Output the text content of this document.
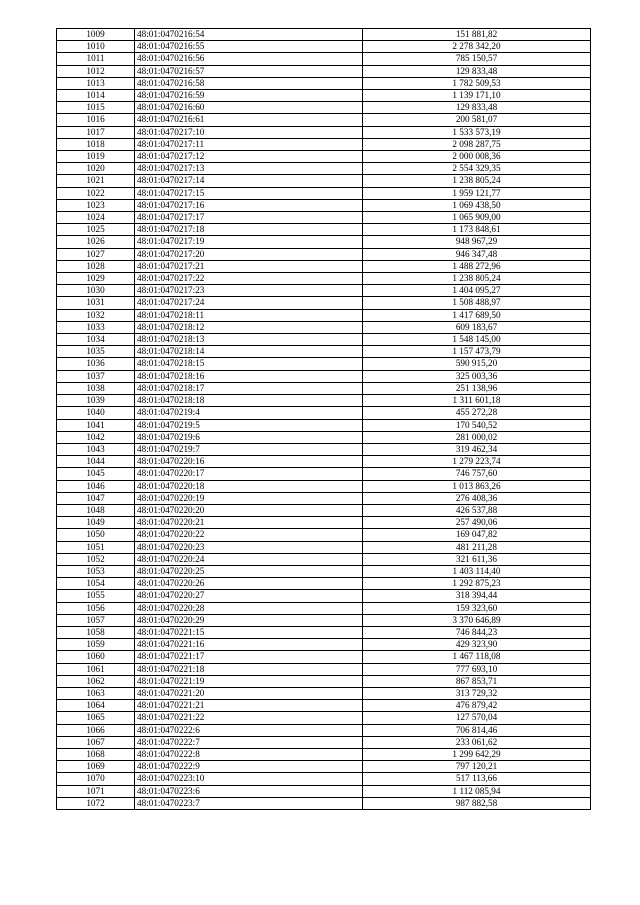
1009	48:01:0470216:54	151 881,82
1010	48:01:0470216:55	2 278 342,20
1011	48:01:0470216:56	785 150,57
1012	48:01:0470216:57	129 833,48
1013	48:01:0470216:58	1 782 509,53
1014	48:01:0470216:59	1 139 171,10
1015	48:01:0470216:60	129 833,48
1016	48:01:0470216:61	200 581,07
1017	48:01:0470217:10	1 533 573,19
1018	48:01:0470217:11	2 098 287,75
1019	48:01:0470217:12	2 000 008,36
1020	48:01:0470217:13	2 554 329,35
1021	48:01:0470217:14	1 238 805,24
1022	48:01:0470217:15	1 959 121,77
1023	48:01:0470217:16	1 069 438,50
1024	48:01:0470217:17	1 065 909,00
1025	48:01:0470217:18	1 173 848,61
1026	48:01:0470217:19	948 967,29
1027	48:01:0470217:20	946 347,48
1028	48:01:0470217:21	1 488 272,96
1029	48:01:0470217:22	1 238 805,24
1030	48:01:0470217:23	1 404 095,27
1031	48:01:0470217:24	1 508 488,97
1032	48:01:0470218:11	1 417 689,50
1033	48:01:0470218:12	609 183,67
1034	48:01:0470218:13	1 548 145,00
1035	48:01:0470218:14	1 157 473,79
1036	48:01:0470218:15	590 915,20
1037	48:01:0470218:16	325 003,36
1038	48:01:0470218:17	251 138,96
1039	48:01:0470218:18	1 311 601,18
1040	48:01:0470219:4	455 272,28
1041	48:01:0470219:5	170 540,52
1042	48:01:0470219:6	281 000,02
1043	48:01:0470219:7	319 462,34
1044	48:01:0470220:16	1 279 223,74
1045	48:01:0470220:17	746 757,60
1046	48:01:0470220:18	1 013 863,26
1047	48:01:0470220:19	276 408,36
1048	48:01:0470220:20	426 537,88
1049	48:01:0470220:21	257 490,06
1050	48:01:0470220:22	169 047,82
1051	48:01:0470220:23	481 211,28
1052	48:01:0470220:24	321 611,36
1053	48:01:0470220:25	1 403 114,40
1054	48:01:0470220:26	1 292 875,23
1055	48:01:0470220:27	318 394,44
1056	48:01:0470220:28	159 323,60
1057	48:01:0470220:29	3 370 646,89
1058	48:01:0470221:15	746 844,23
1059	48:01:0470221:16	429 323,90
1060	48:01:0470221:17	1 467 118,08
1061	48:01:0470221:18	777 693,10
1062	48:01:0470221:19	867 853,71
1063	48:01:0470221:20	313 729,32
1064	48:01:0470221:21	476 879,42
1065	48:01:0470221:22	127 570,04
1066	48:01:0470222:6	706 814,46
1067	48:01:0470222:7	233 061,62
1068	48:01:0470222:8	1 299 642,29
1069	48:01:0470222:9	797 120,21
1070	48:01:0470223:10	517 113,66
1071	48:01:0470223:6	1 112 085,94
1072	48:01:0470223:7	987 882,58
